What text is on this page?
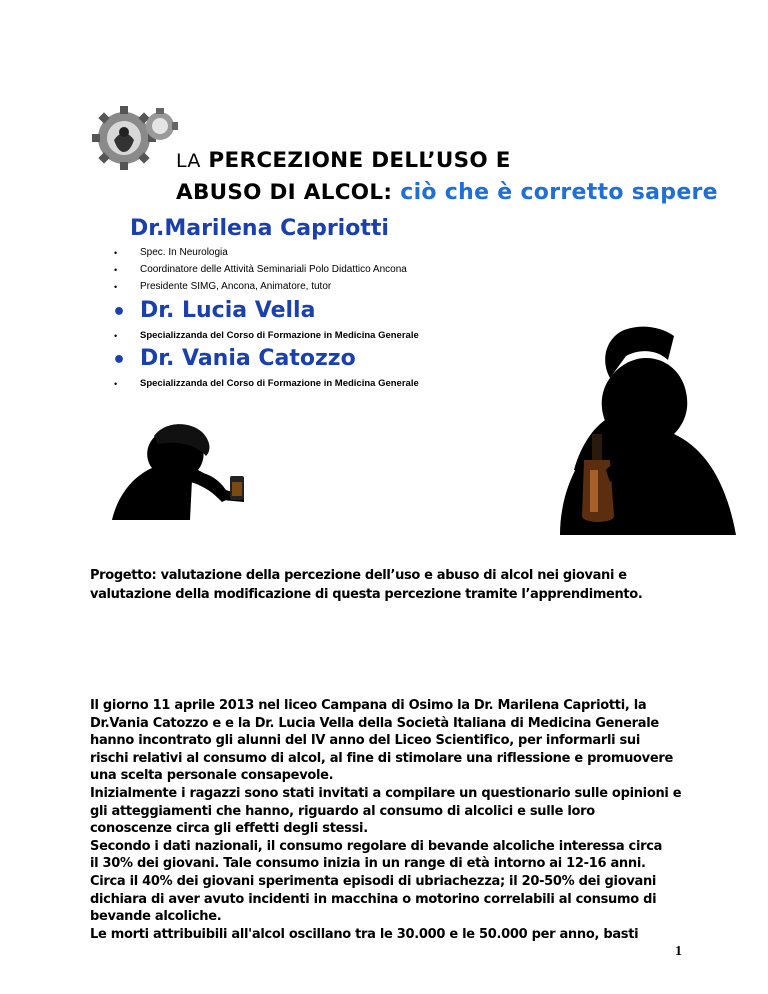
LA PERCEZIONE DELL’USO E
ABUSO DI ALCOL: ciò che è corretto sapere
Dr.Marilena Capriotti
• Spec. In Neurologia
• Coordinatore delle Attività Seminariali Polo Didattico Ancona
• Presidente SIMG, Ancona, Animatore, tutor
• Dr. Lucia Vella
• Specializzanda del Corso di Formazione in Medicina Generale
• Dr. Vania Catozzo
• Specializzanda del Corso di Formazione in Medicina Generale
Progetto: valutazione della percezione dell’uso e abuso di alcol nei giovani e
valutazione della modificazione di questa percezione tramite l’apprendimento.

Il giorno 11 aprile 2013 nel liceo Campana di Osimo la Dr. Marilena Capriotti, la

Dr.Vania Catozzo e e la Dr. Lucia Vella della Società Italiana di Medicina Generale

hanno incontrato gli alunni del IV anno del Liceo Scientifico, per informarli sui

rischi relativi al consumo di alcol, al fine di stimolare una riflessione e promuovere

una scelta personale consapevole.

Inizialmente i ragazzi sono stati invitati a compilare un questionario sulle opinioni e

gli atteggiamenti che hanno, riguardo al consumo di alcolici e sulle loro

conoscenze circa gli effetti degli stessi.

Secondo i dati nazionali, il consumo regolare di bevande alcoliche interessa circa

il 30% dei giovani. Tale consumo inizia in un range di età intorno ai 12-16 anni.

Circa il 40% dei giovani sperimenta episodi di ubriachezza; il 20-50% dei giovani

dichiara di aver avuto incidenti in macchina o motorino correlabili al consumo di

bevande alcoliche.

Le morti attribuibili all'alcol oscillano tra le 30.000 e le 50.000 per anno, basti

1
